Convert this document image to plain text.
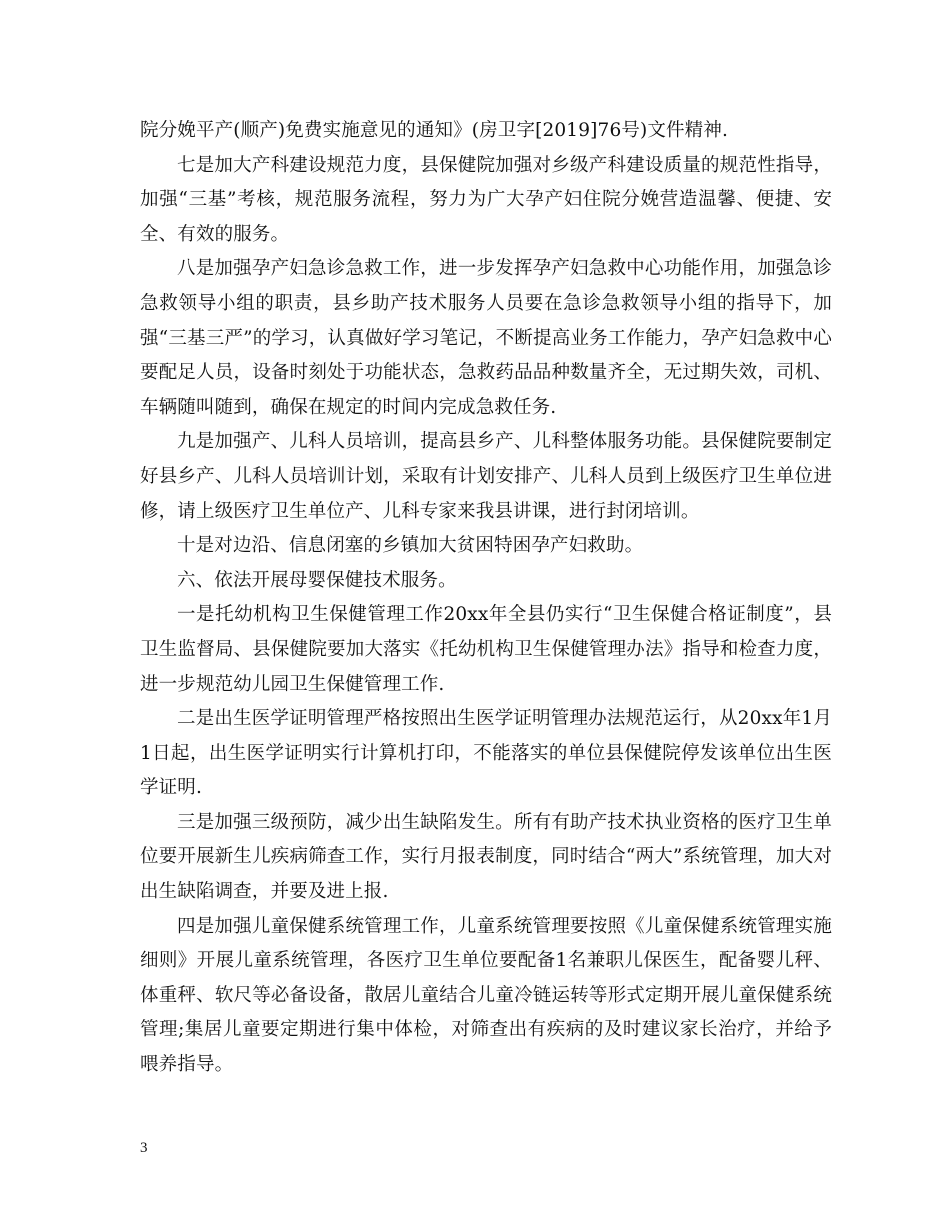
院分娩平产(顺产)免费实施意见的通知》(房卫字[2019]76号)文件精神.

七是加大产科建设规范力度，县保健院加强对乡级产科建设质量的规范性指导，加强“三基”考核，规范服务流程，努力为广大孕产妇住院分娩营造温馨、便捷、安全、有效的服务。

八是加强孕产妇急诊急救工作，进一步发挥孕产妇急救中心功能作用，加强急诊急救领导小组的职责，县乡助产技术服务人员要在急诊急救领导小组的指导下，加强“三基三严”的学习，认真做好学习笔记，不断提高业务工作能力，孕产妇急救中心要配足人员，设备时刻处于功能状态，急救药品品种数量齐全，无过期失效，司机、车辆随叫随到，确保在规定的时间内完成急救任务.

九是加强产、儿科人员培训，提高县乡产、儿科整体服务功能。县保健院要制定好县乡产、儿科人员培训计划，采取有计划安排产、儿科人员到上级医疗卫生单位进修，请上级医疗卫生单位产、儿科专家来我县讲课，进行封闭培训。

十是对边沿、信息闭塞的乡镇加大贫困特困孕产妇救助。

六、依法开展母婴保健技术服务。

一是托幼机构卫生保健管理工作20xx年全县仍实行“卫生保健合格证制度”，县卫生监督局、县保健院要加大落实《托幼机构卫生保健管理办法》指导和检查力度，进一步规范幼儿园卫生保健管理工作.

二是出生医学证明管理严格按照出生医学证明管理办法规范运行，从20xx年1月1日起，出生医学证明实行计算机打印，不能落实的单位县保健院停发该单位出生医学证明.

三是加强三级预防，减少出生缺陷发生。所有有助产技术执业资格的医疗卫生单位要开展新生儿疾病筛查工作，实行月报表制度，同时结合“两大”系统管理，加大对出生缺陷调查，并要及进上报.

四是加强儿童保健系统管理工作，儿童系统管理要按照《儿童保健系统管理实施细则》开展儿童系统管理，各医疗卫生单位要配备1名兼职儿保医生，配备婴儿秤、体重秤、软尺等必备设备，散居儿童结合儿童冷链运转等形式定期开展儿童保健系统管理;集居儿童要定期进行集中体检，对筛查出有疾病的及时建议家长治疗，并给予喂养指导。

3
